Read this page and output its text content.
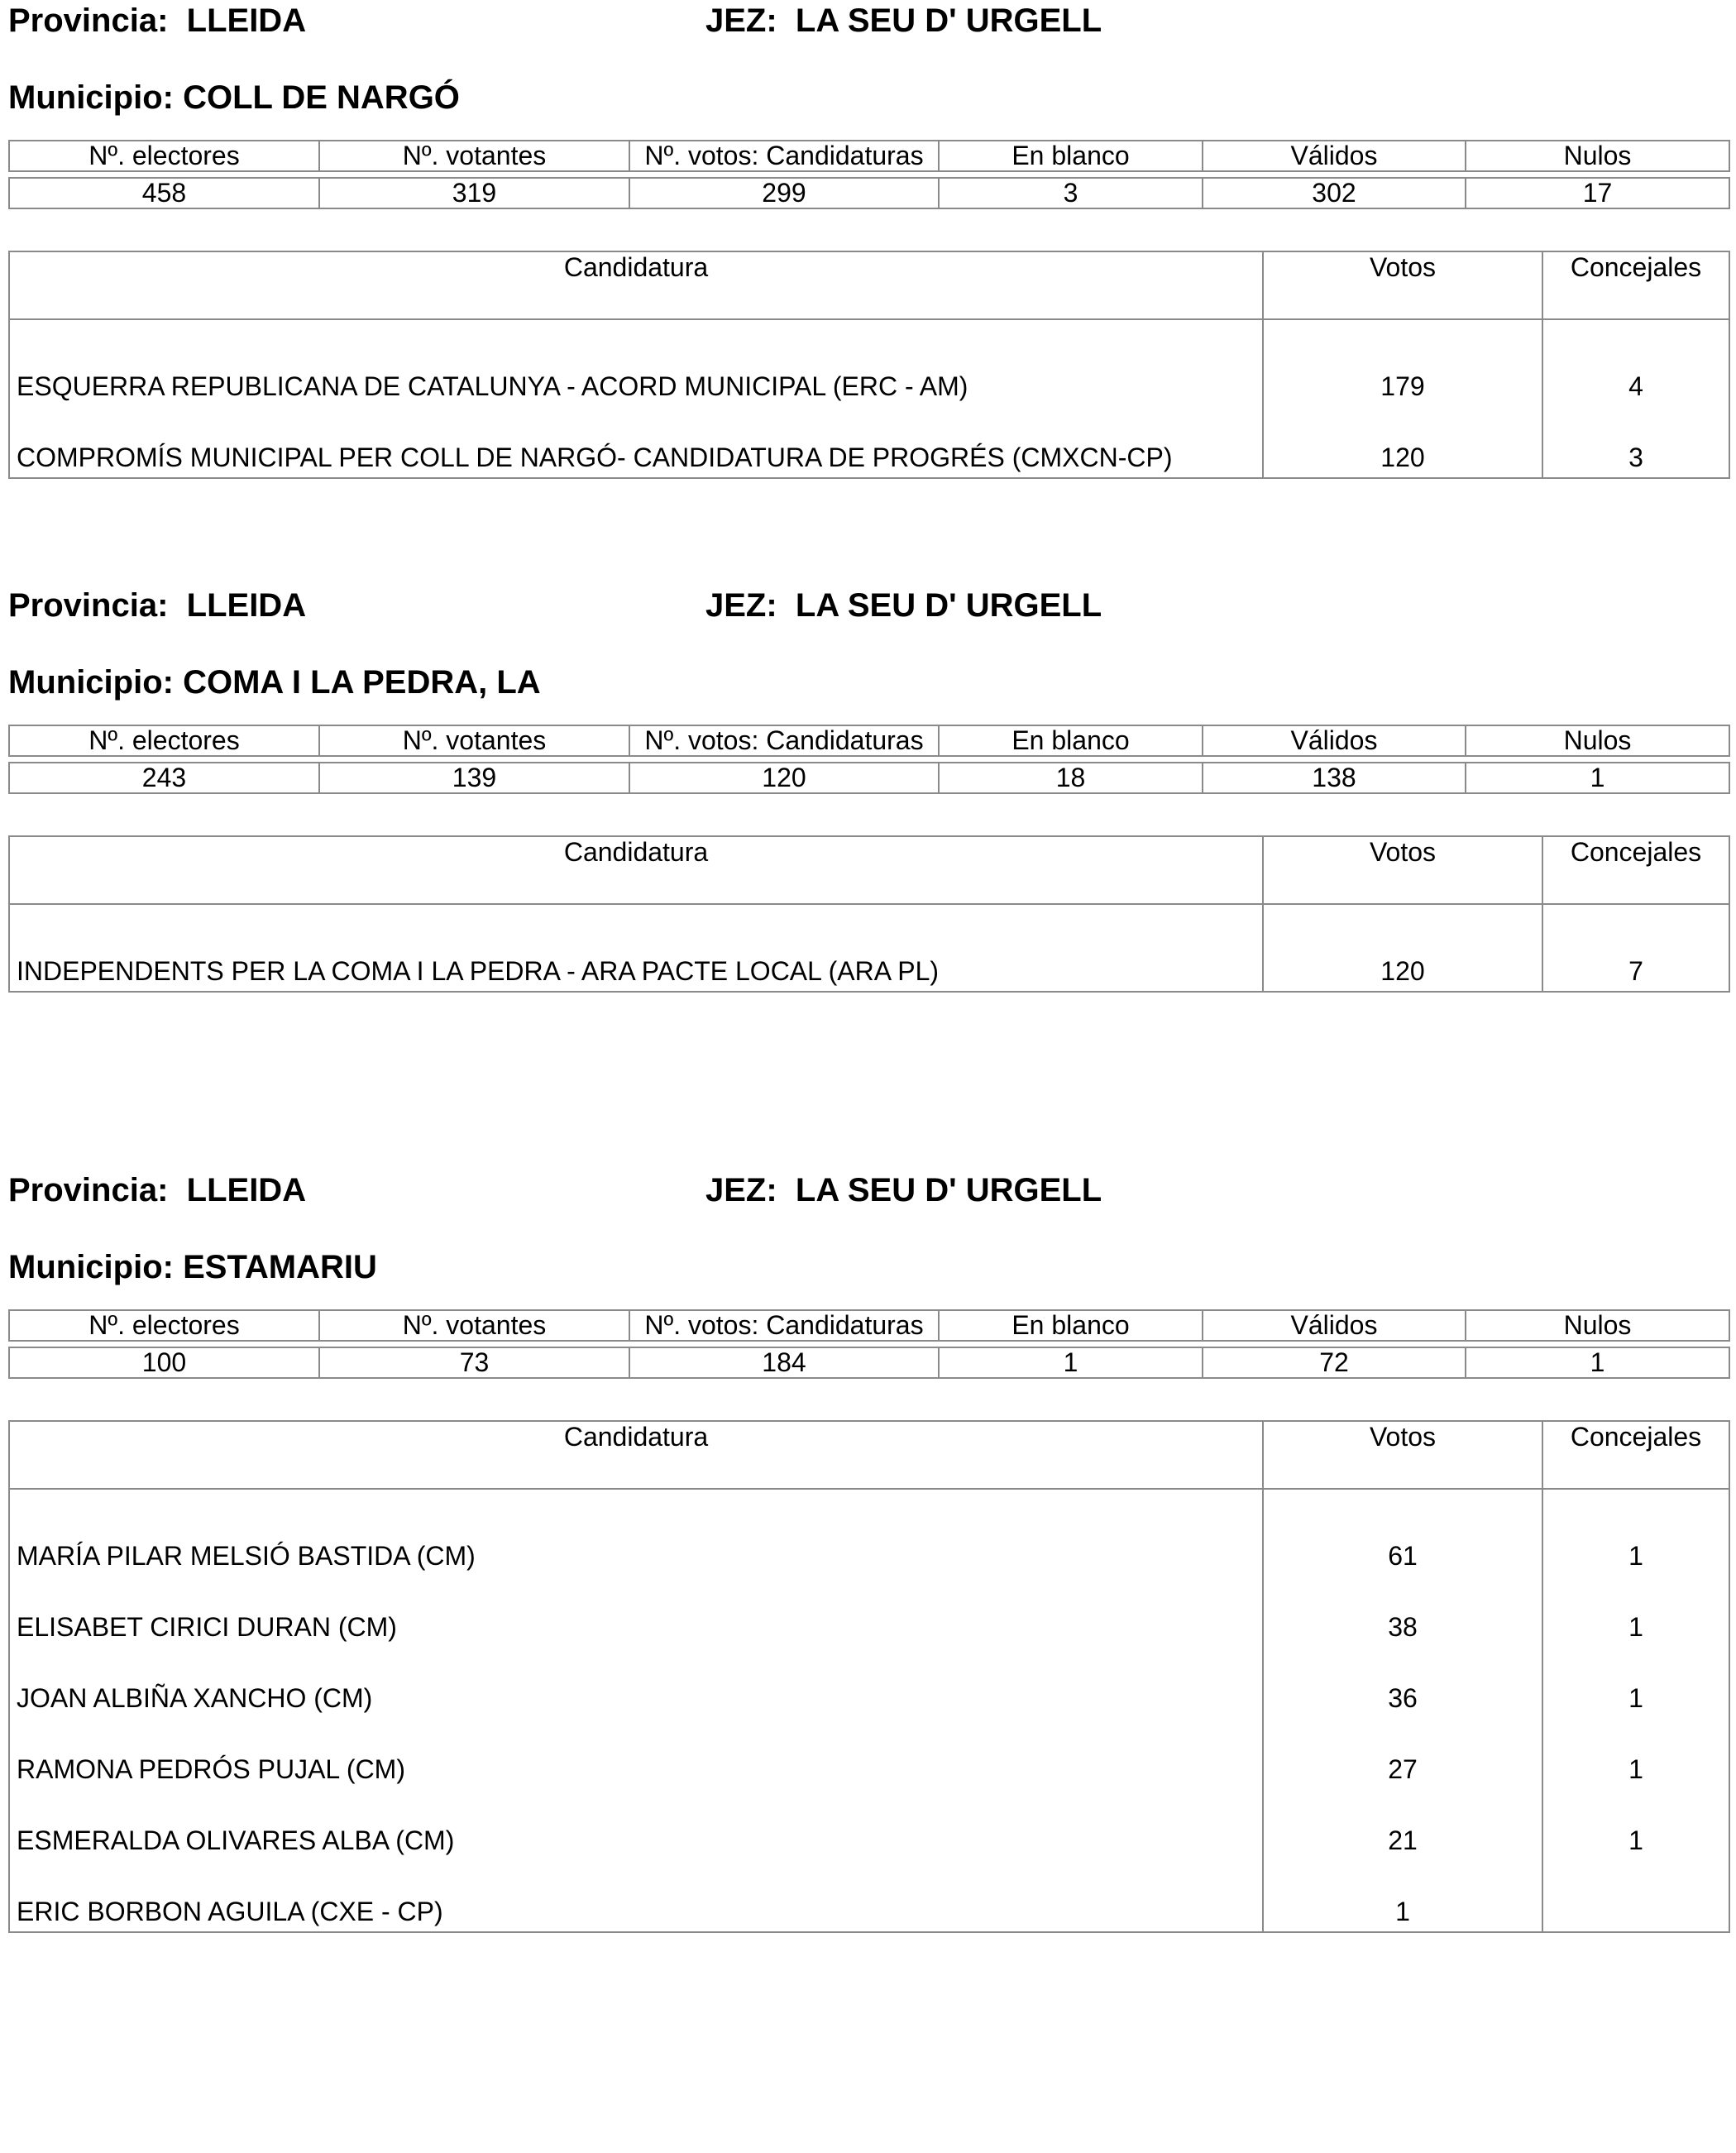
Provincia: LLEIDA	JEZ: LA SEU D' URGELL
Municipio: COLL DE NARGÓ
Nº. electores	Nº. votantes	Nº. votos: Candidaturas	En blanco	Válidos	Nulos

458	319	299	3	302	17
Candidatura	Votos	Concejales
ESQUERRA REPUBLICANA DE CATALUNYA - ACORD MUNICIPAL (ERC - AM)	179	4
COMPROMÍS MUNICIPAL PER COLL DE NARGÓ- CANDIDATURA DE PROGRÉS (CMXCN-CP)	120	3
Provincia: LLEIDA	JEZ: LA SEU D' URGELL
Municipio: COMA I LA PEDRA, LA
Nº. electores	Nº. votantes	Nº. votos: Candidaturas	En blanco	Válidos	Nulos

243	139	120	18	138	1
Candidatura	Votos	Concejales
INDEPENDENTS PER LA COMA I LA PEDRA - ARA PACTE LOCAL (ARA PL)	120	7
Provincia: LLEIDA	JEZ: LA SEU D' URGELL
Municipio: ESTAMARIU
Nº. electores	Nº. votantes	Nº. votos: Candidaturas	En blanco	Válidos	Nulos

100	73	184	1	72	1
Candidatura	Votos	Concejales
MARÍA PILAR MELSIÓ BASTIDA (CM)	61	1
ELISABET CIRICI DURAN (CM)	38	1
JOAN ALBIÑA XANCHO (CM)	36	1
RAMONA PEDRÓS PUJAL (CM)	27	1
ESMERALDA OLIVARES ALBA (CM)	21	1
ERIC BORBON AGUILA (CXE - CP)	1	
